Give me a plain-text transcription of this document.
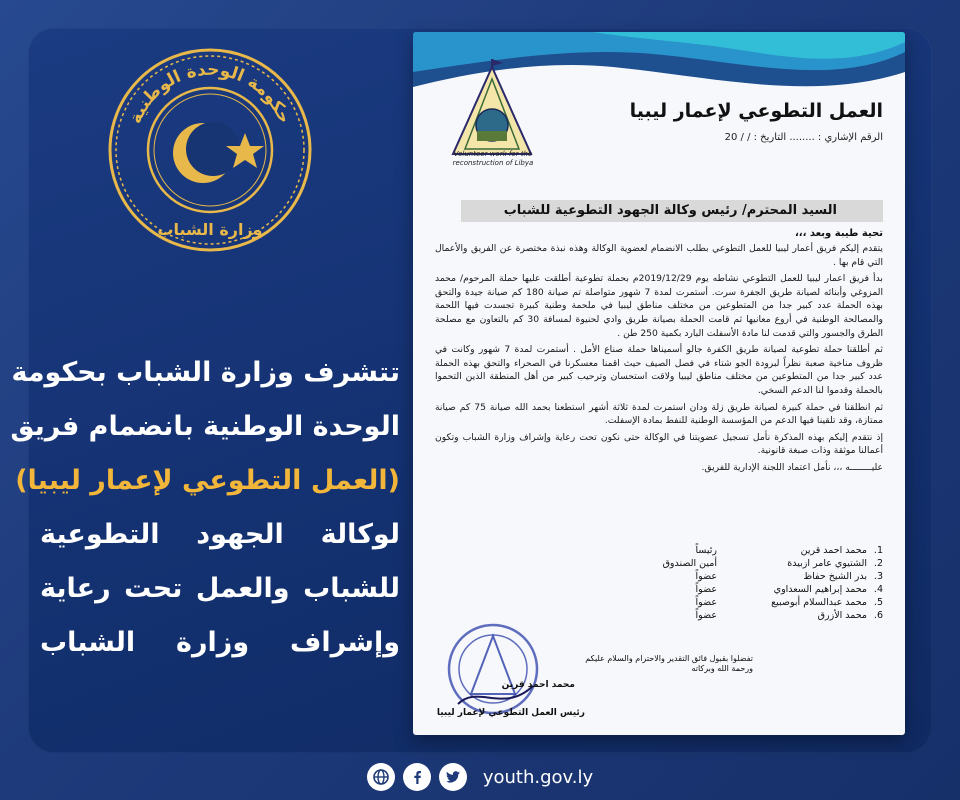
حكومة الوحدة الوطنية
وزارة الشباب
تتشرف وزارة الشباب بحكومة
الوحدة الوطنية بانضمام فريق
(العمل التطوعي لإعمار ليبيا)
لوكالة الجهود التطوعية
للشباب والعمل تحت رعاية
وإشراف وزارة الشباب
Volunteer work for the reconstruction of Libya
العمل التطوعي لإعمار ليبيا
الرقم الإشاري : ........ التاريخ : / / 20
السيد المحترم/ رئيس وكالة الجهود التطوعية للشباب
تحية طيبة وبعد ،،،

يتقدم إليكم فريق أعمار ليبيا للعمل التطوعي بطلب الانضمام لعضوية الوكالة وهذه نبذة مختصرة عن الفريق والأعمال التي قام بها .

بدأ فريق اعمار ليبيا للعمل التطوعي نشاطه يوم 2019/12/29م بحملة تطوعية أطلقت عليها حملة المرحوم/ محمد المزوغي وأبنائه لصيانة طريق الجفرة سرت. أستمرت لمدة 7 شهور متواصلة تم صيانة 180 كم صيانة جيدة والتحق بهذه الحملة عدد كبير جدا من المتطوعين من مختلف مناطق ليبيا في ملحمة وطنية كبيرة تجسدت فيها اللحمة والمصالحة الوطنية في أروع معانيها ثم قامت الحملة بصيانة طريق وادي لحنيوة لمسافة 30 كم بالتعاون مع مصلحة الطرق والجسور والتي قدمت لنا مادة الأسفلت البارد بكمية 250 طن .

ثم أطلقنا حملة تطوعية لصيانة طريق الكفرة جالو أسميناها حملة صناع الأمل . أستمرت لمدة 7 شهور وكانت في ظروف مناخية صعبة نظراً لبرودة الجو شتاء في فصل الصيف حيث اقمنا معسكرنا في الصحراء والتحق بهذه الحملة عدد كبير جدا من المتطوعين من مختلف مناطق ليبيا ولاقت استحسان وترحيب كبير من أهل المنطقة الذين التحموا بالحملة وقدموا لنا الدعم السخي.

ثم انطلقنا في حملة كبيرة لصيانة طريق زلة ودان استمرت لمدة ثلاثة أشهر استطعنا بحمد الله صيانة 75 كم صيانة ممتازة، وقد تلقينا فيها الدعم من المؤسسة الوطنية للنفط بمادة الإسفلت.

إذ نتقدم إليكم بهذه المذكرة نأمل تسجيل عضويتنا في الوكالة حتى نكون تحت رعاية وإشراف وزارة الشباب وتكون أعمالنا موثقة وذات صبغة قانونية.

عليــــــــه ،،، نأمل اعتماد اللجنة الإدارية للفريق.

1.
محمد احمد قرين
رئيساً
2.
الشتيوي عامر ازبيدة
أمين الصندوق
3.
بدر الشيخ حفاظ
عضواً
4.
محمد إبراهيم السعداوي
عضواً
5.
محمد عبدالسلام أبوصبيع
عضواً
6.
محمد الأزرق
عضواً
تفضلوا بقبول فائق التقدير والاحترام والسلام عليكم ورحمة الله وبركاته
محمد احمد قرين
رئيس العمل التطوعي لإعمار ليبيا
youth.gov.ly
